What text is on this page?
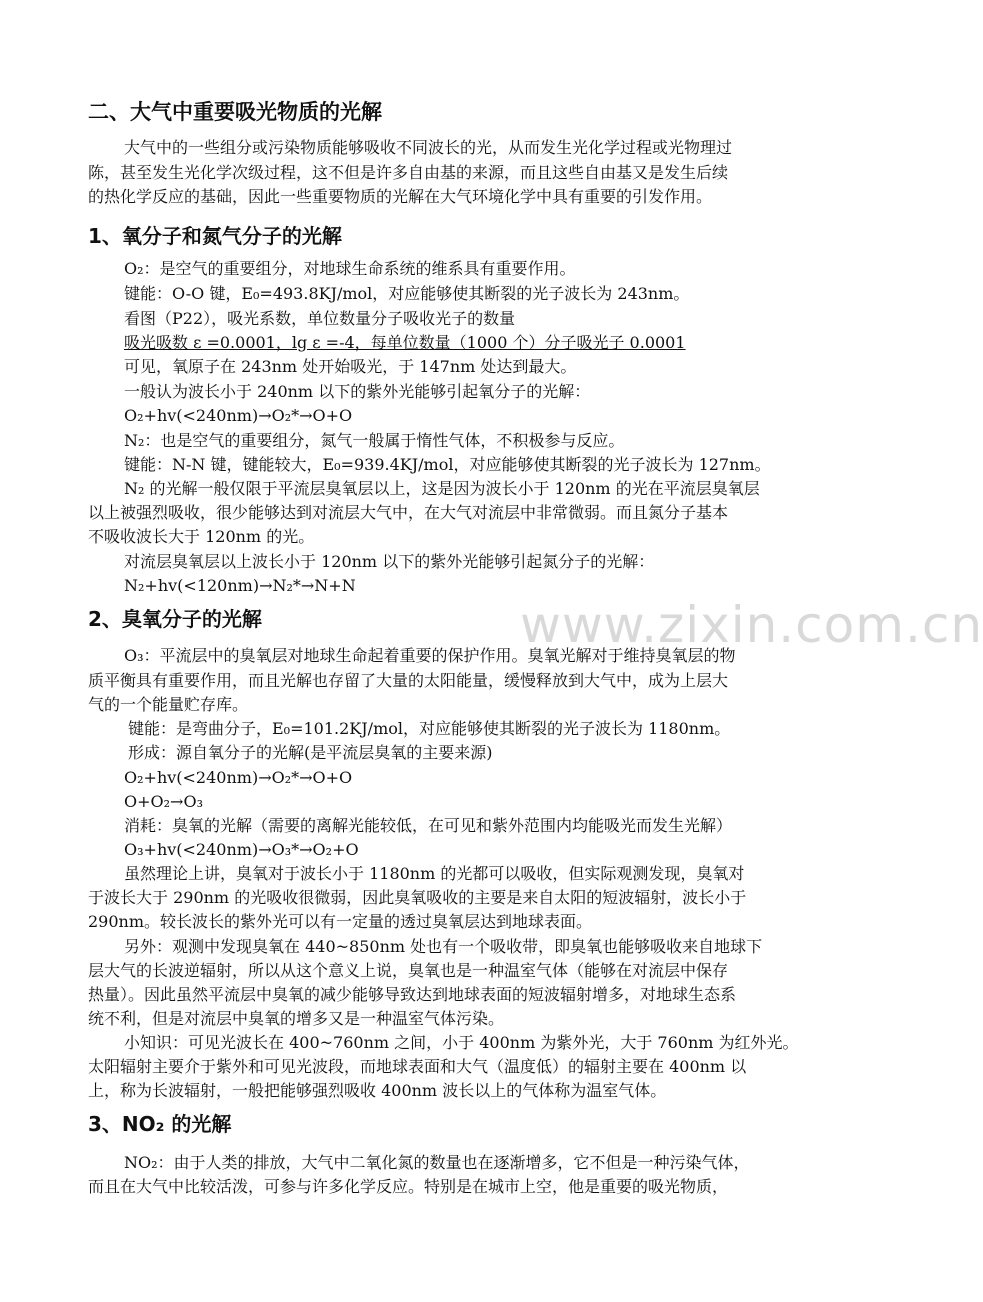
www.zixin.com.cn
二、大气中重要吸光物质的光解
大气中的一些组分或污染物质能够吸收不同波长的光，从而发生光化学过程或光物理过
陈，甚至发生光化学次级过程，这不但是许多自由基的来源，而且这些自由基又是发生后续
的热化学反应的基础，因此一些重要物质的光解在大气环境化学中具有重要的引发作用。
1、氧分子和氮气分子的光解
O₂：是空气的重要组分，对地球生命系统的维系具有重要作用。
键能：O-O 键，E₀=493.8KJ/mol，对应能够使其断裂的光子波长为 243nm。
看图（P22），吸光系数，单位数量分子吸收光子的数量
吸光吸数 ε =0.0001，lg ε =-4，每单位数量（1000 个）分子吸光子 0.0001
可见，氧原子在 243nm 处开始吸光，于 147nm 处达到最大。
一般认为波长小于 240nm 以下的紫外光能够引起氧分子的光解：
O₂+hv(<240nm)→O₂*→O+O
N₂：也是空气的重要组分，氮气一般属于惰性气体，不积极参与反应。
键能：N-N 键，键能较大，E₀=939.4KJ/mol，对应能够使其断裂的光子波长为 127nm。
N₂ 的光解一般仅限于平流层臭氧层以上，这是因为波长小于 120nm 的光在平流层臭氧层
以上被强烈吸收，很少能够达到对流层大气中，在大气对流层中非常微弱。而且氮分子基本
不吸收波长大于 120nm 的光。
对流层臭氧层以上波长小于 120nm 以下的紫外光能够引起氮分子的光解：
N₂+hv(<120nm)→N₂*→N+N
2、臭氧分子的光解
O₃：平流层中的臭氧层对地球生命起着重要的保护作用。臭氧光解对于维持臭氧层的物
质平衡具有重要作用，而且光解也存留了大量的太阳能量，缓慢释放到大气中，成为上层大
气的一个能量贮存库。
键能：是弯曲分子，E₀=101.2KJ/mol，对应能够使其断裂的光子波长为 1180nm。
形成：源自氧分子的光解(是平流层臭氧的主要来源)
O₂+hv(<240nm)→O₂*→O+O
O+O₂→O₃
消耗：臭氧的光解（需要的离解光能较低，在可见和紫外范围内均能吸光而发生光解）
O₃+hv(<240nm)→O₃*→O₂+O
虽然理论上讲，臭氧对于波长小于 1180nm 的光都可以吸收，但实际观测发现，臭氧对
于波长大于 290nm 的光吸收很微弱，因此臭氧吸收的主要是来自太阳的短波辐射，波长小于
290nm。较长波长的紫外光可以有一定量的透过臭氧层达到地球表面。
另外：观测中发现臭氧在 440~850nm 处也有一个吸收带，即臭氧也能够吸收来自地球下
层大气的长波逆辐射，所以从这个意义上说，臭氧也是一种温室气体（能够在对流层中保存
热量）。因此虽然平流层中臭氧的减少能够导致达到地球表面的短波辐射增多，对地球生态系
统不利，但是对流层中臭氧的增多又是一种温室气体污染。
小知识：可见光波长在 400~760nm 之间，小于 400nm 为紫外光，大于 760nm 为红外光。
太阳辐射主要介于紫外和可见光波段，而地球表面和大气（温度低）的辐射主要在 400nm 以
上，称为长波辐射，一般把能够强烈吸收 400nm 波长以上的气体称为温室气体。
3、NO₂ 的光解
NO₂：由于人类的排放，大气中二氧化氮的数量也在逐渐增多，它不但是一种污染气体，
而且在大气中比较活泼，可参与许多化学反应。特别是在城市上空，他是重要的吸光物质，
